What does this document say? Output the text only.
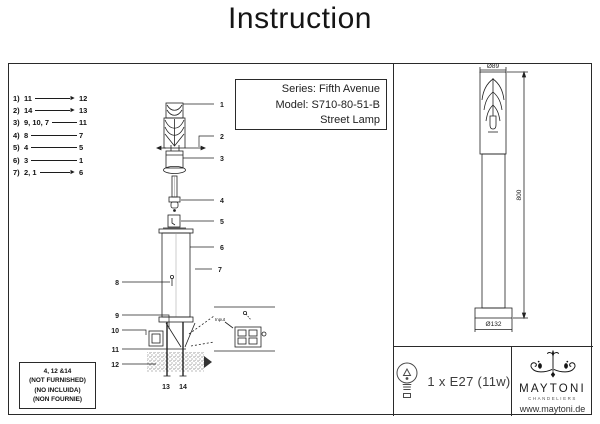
Instruction
1) 11	► 12
2) 14	► 13
3) 9, 10, 7	11
4) 8	7
5) 4	5
6) 3	1
7) 2, 1	► 6
Series: Fifth Avenue
Model: S710-80-51-B
Street Lamp
Input
1
2
3
4
5
6
7
8
9
10
11
12
13 14
4, 12 &14
(NOT FURNISHED)
(NO INCLUIDA)
(NON FOURNIE)
Ø89
800
Ø132
1 x E27 (11w) MAYTONI
CHANDELIERS
www.maytoni.de
